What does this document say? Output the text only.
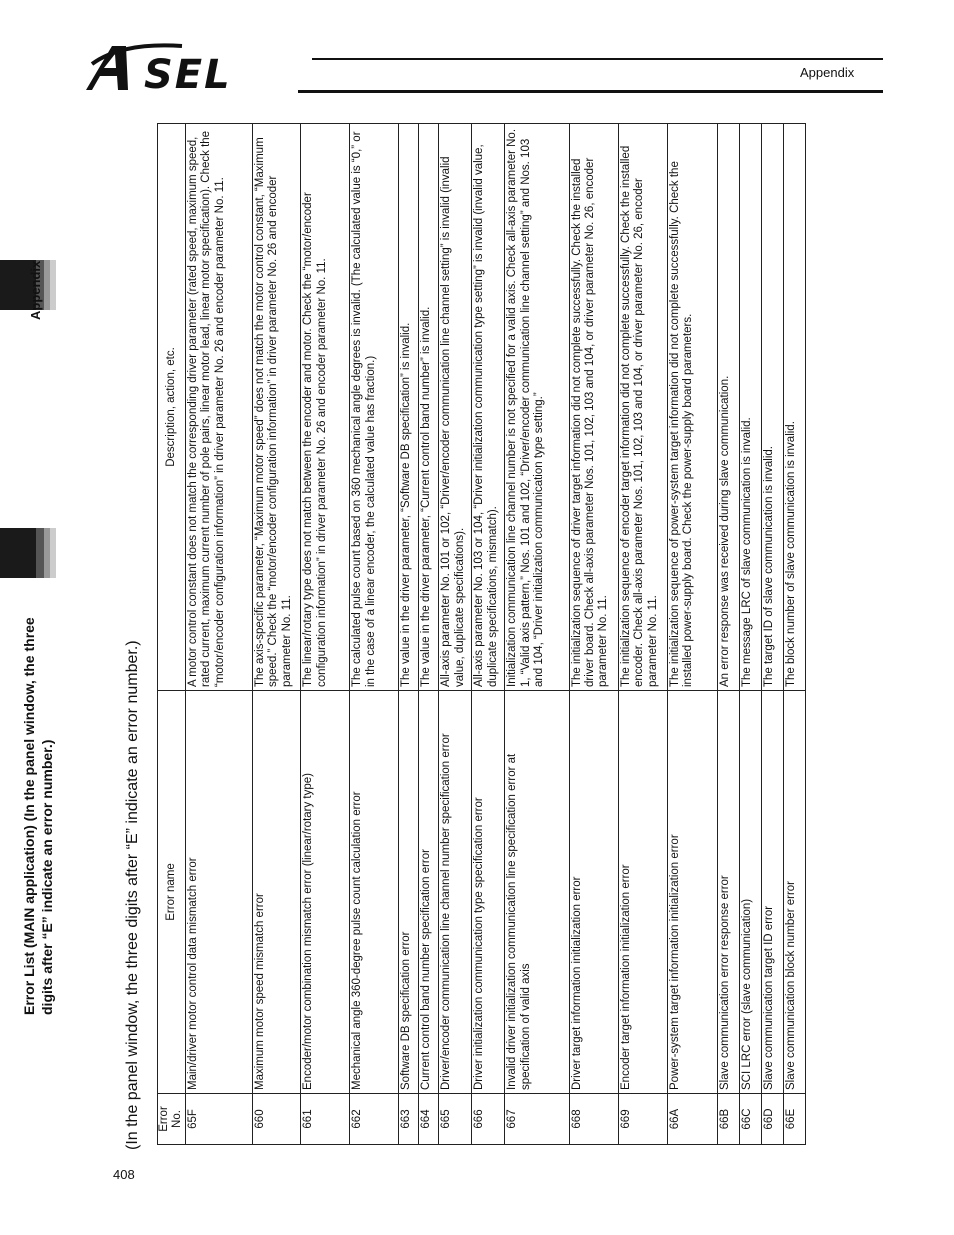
SEL	Appendix
Appendix
Error List (MAIN application) (In the panel window, the three digits after “E” indicate an error number.)	(In the panel window, the three digits after “E” indicate an error number.) Error No.	Error name	Description, action, etc.
65F	Main/driver motor control data mismatch error	A motor control constant does not match the corresponding driver parameter (rated speed, maximum speed, rated current, maximum current number of pole pairs, linear motor lead, linear motor specification). Check the “motor/encoder configuration information” in driver parameter No. 26 and encoder parameter No. 11.
660	Maximum motor speed mismatch error	The axis-specific parameter, “Maximum motor speed” does not match the motor control constant, “Maximum speed.” Check the “motor/encoder configuration information” in driver parameter No. 26 and encoder parameter No. 11.
661	Encoder/motor combination mismatch error (linear/rotary type)	The linear/rotary type does not match between the encoder and motor. Check the “motor/encoder configuration information” in driver parameter No. 26 and encoder parameter No. 11.
662	Mechanical angle 360-degree pulse count calculation error	The calculated pulse count based on 360 mechanical angle degrees is invalid. (The calculated value is “0,” or in the case of a linear encoder, the calculated value has fraction.)
663	Software DB specification error	The value in the driver parameter, “Software DB specification” is invalid.
664	Current control band number specification error	The value in the driver parameter, “Current control band number” is invalid.
665	Driver/encoder communication line channel number specification error	All-axis parameter No. 101 or 102, “Driver/encoder communication line channel setting” is invalid (invalid value, duplicate specifications).
666	Driver initialization communication type specification error	All-axis parameter No. 103 or 104, “Driver initialization communication type setting” is invalid (invalid value, duplicate specifications, mismatch).
667	Invalid driver initialization communication line specification error at specification of valid axis	Initialization communication line channel number is not specified for a valid axis. Check all-axis parameter No. 1, “Valid axis pattern,” Nos. 101 and 102, “Driver/encoder communication line channel setting” and Nos. 103 and 104, “Driver initialization communication type setting.”
668	Driver target information initialization error	The initialization sequence of driver target information did not complete successfully. Check the installed driver board. Check all-axis parameter Nos. 101, 102, 103 and 104, or driver parameter No. 26, encoder parameter No. 11.
669	Encoder target information initialization error	The initialization sequence of encoder target information did not complete successfully. Check the installed encoder. Check all-axis parameter Nos. 101, 102, 103 and 104, or driver parameter No. 26, encoder parameter No. 11.
66A	Power-system target information initialization error	The initialization sequence of power-system target information did not complete successfully. Check the installed power-supply board. Check the power-supply board parameters.
66B	Slave communication error response error	An error response was received during slave communication.
66C	SCI LRC error (slave communication)	The message LRC of slave communication is invalid.
66D	Slave communication target ID error	The target ID of slave communication is invalid.
66E	Slave communication block number error	The block number of slave communication is invalid.
408
